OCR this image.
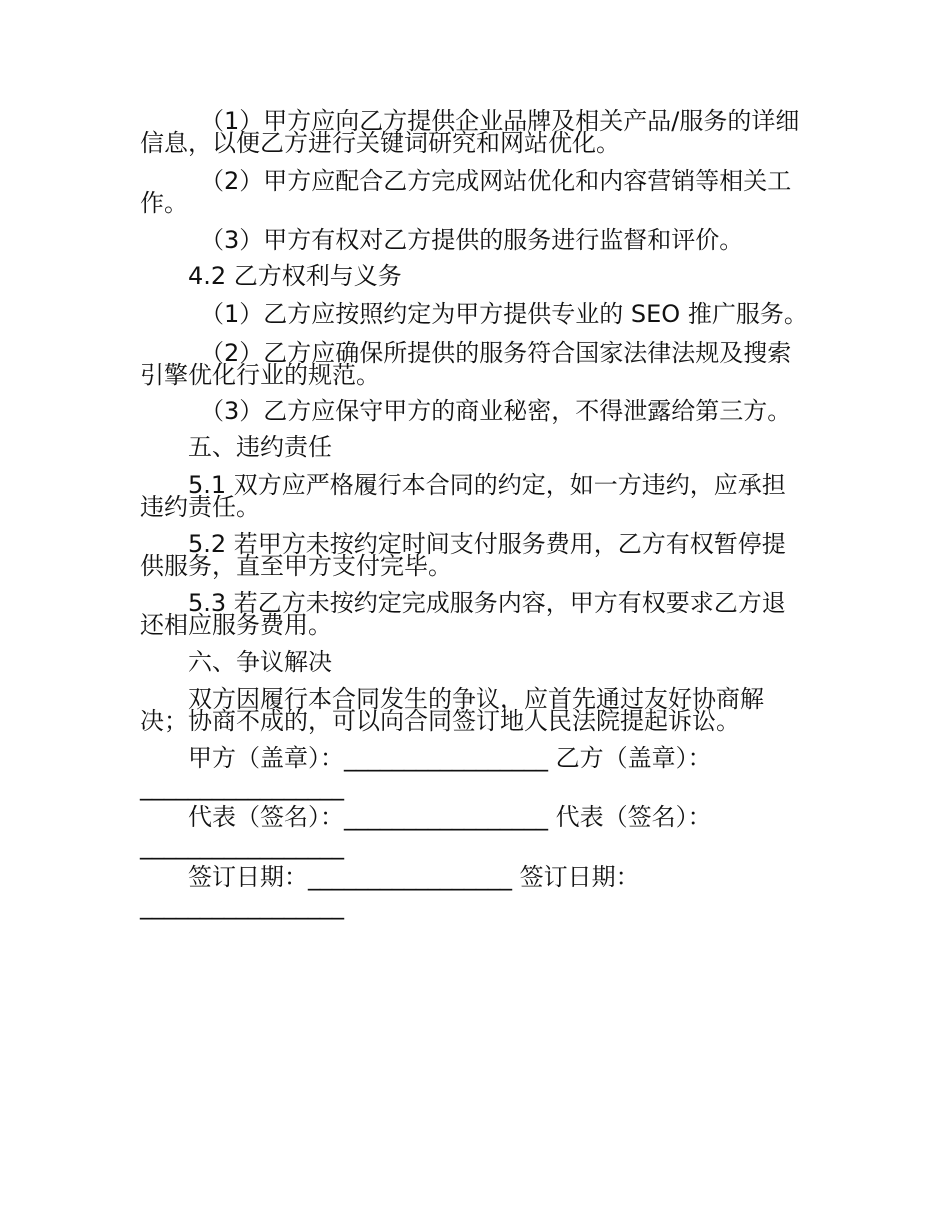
（1）甲方应向乙方提供企业品牌及相关产品/服务的详细
信息，以便乙方进行关键词研究和网站优化。
（2）甲方应配合乙方完成网站优化和内容营销等相关工
作。
（3）甲方有权对乙方提供的服务进行监督和评价。
4.2 乙方权利与义务
（1）乙方应按照约定为甲方提供专业的 SEO 推广服务。
（2）乙方应确保所提供的服务符合国家法律法规及搜索
引擎优化行业的规范。
（3）乙方应保守甲方的商业秘密，不得泄露给第三方。
五、违约责任
5.1 双方应严格履行本合同的约定，如一方违约，应承担
违约责任。
5.2 若甲方未按约定时间支付服务费用，乙方有权暂停提
供服务，直至甲方支付完毕。
5.3 若乙方未按约定完成服务内容，甲方有权要求乙方退
还相应服务费用。
六、争议解决
双方因履行本合同发生的争议，应首先通过友好协商解
决；协商不成的，可以向合同签订地人民法院提起诉讼。
甲方（盖章）：_________________ 乙方（盖章）：
_________________
代表（签名）：_________________ 代表（签名）：
_________________
签订日期：_________________ 签订日期：
_________________
